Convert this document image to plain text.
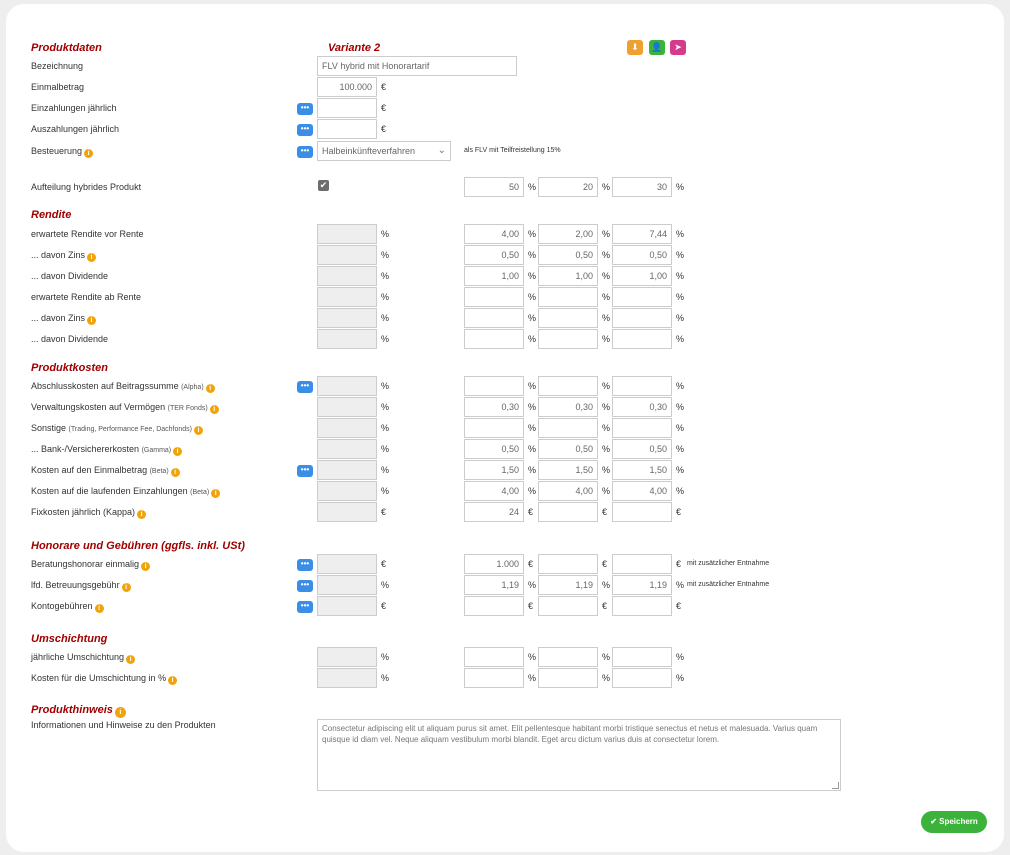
Produktdaten	Variante 2	⬇	👤	➤
Bezeichnung	FLV hybrid mit Honorartarif
Einmalbetrag	100.000	€
Einzahlungen jährlich	•••	€
Auszahlungen jährlich	•••	€
Besteuerung i	•••	Halbeinkünfteverfahren ⌄	als FLV mit Teilfreistellung 15%
Aufteilung hybrides Produkt	✔	50	%	20	%	30	%
Rendite
Produktkosten
Honorare und Gebühren (ggfls. inkl. USt)
Umschichtung
Produkthinweis i
erwartete Rendite vor Rente	%	4,00	%	2,00	%	7,44	%
... davon Zins i	%	0,50	%	0,50	%	0,50	%
... davon Dividende	%	1,00	%	1,00	%	1,00	%
erwartete Rendite ab Rente	%	%	%	%
... davon Zins i	%	%	%	%
... davon Dividende	%	%	%	%
Abschlusskosten auf Beitragssumme (Alpha) i	•••	%	%	%	%
Verwaltungskosten auf Vermögen (TER Fonds) i	%	0,30	%	0,30	%	0,30	%
Sonstige (Trading, Performance Fee, Dachfonds) i	%	%	%	%
... Bank-/Versichererkosten (Gamma) i	%	0,50	%	0,50	%	0,50	%
Kosten auf den Einmalbetrag (Beta) i	•••	%	1,50	%	1,50	%	1,50	%
Kosten auf die laufenden Einzahlungen (Beta) i	%	4,00	%	4,00	%	4,00	%
Fixkosten jährlich (Kappa) i	€	24	€	€	€
Beratungshonorar einmalig i	•••	€	1.000	€	€	€ mit zusätzlicher Entnahme
lfd. Betreuungsgebühr i	•••	%	1,19	%	1,19	%	1,19	% mit zusätzlicher Entnahme
Kontogebühren i	•••	€	€	€	€
jährliche Umschichtung i	%	%	%	%
Kosten für die Umschichtung in % i	%	%	%	%
Informationen und Hinweise zu den Produkten	Consectetur adipiscing elit ut aliquam purus sit amet. Elit pellentesque habitant morbi tristique senectus et netus et malesuada. Varius quam quisque id diam vel. Neque aliquam vestibulum morbi blandit. Eget arcu dictum varius duis at consectetur lorem.
✔ Speichern
